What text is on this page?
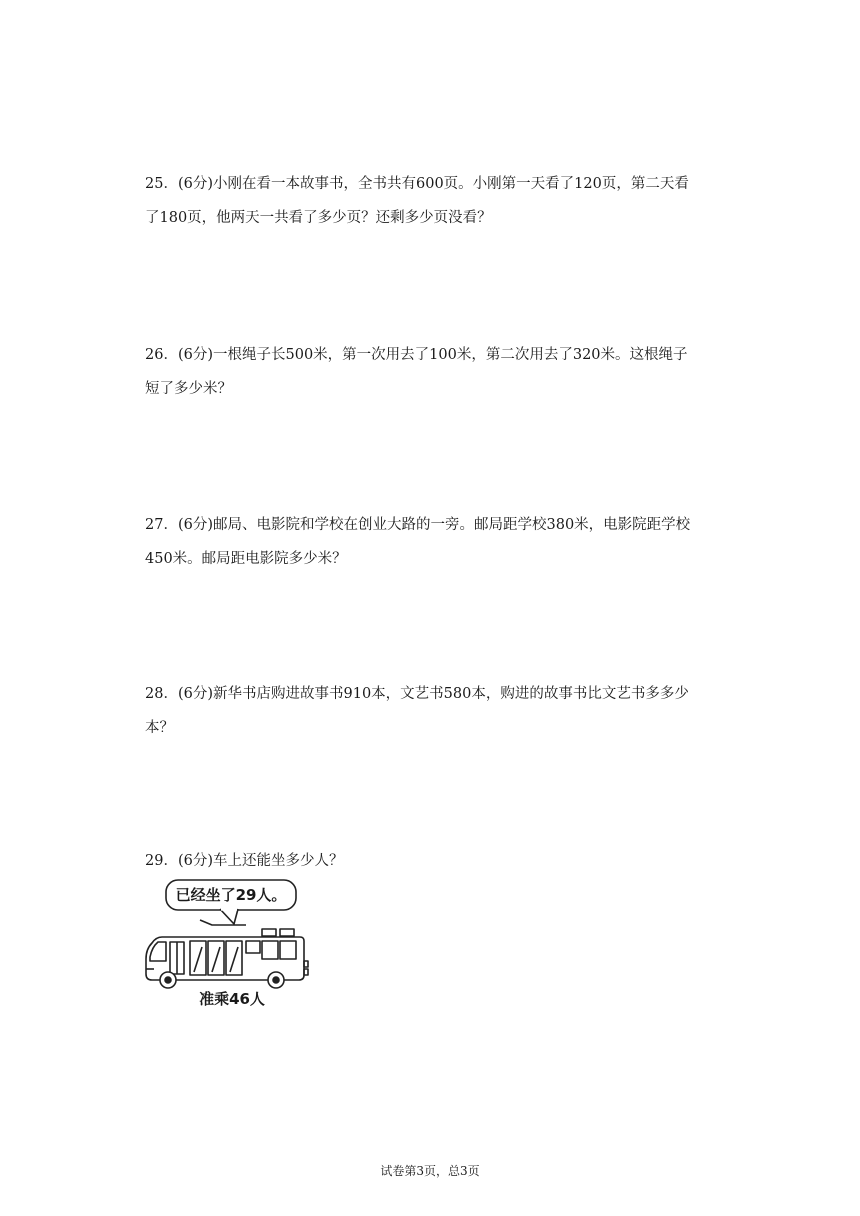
25．(6分)小刚在看一本故事书，全书共有600页。小刚第一天看了120页，第二天看

了180页，他两天一共看了多少页？还剩多少页没看？

26．(6分)一根绳子长500米，第一次用去了100米，第二次用去了320米。这根绳子

短了多少米？

27．(6分)邮局、电影院和学校在创业大路的一旁。邮局距学校380米，电影院距学校

450米。邮局距电影院多少米？

28．(6分)新华书店购进故事书910本，文艺书580本，购进的故事书比文艺书多多少

本？

29．(6分)车上还能坐多少人？

已经坐了29人。
准乘46人
试卷第3页，总3页
